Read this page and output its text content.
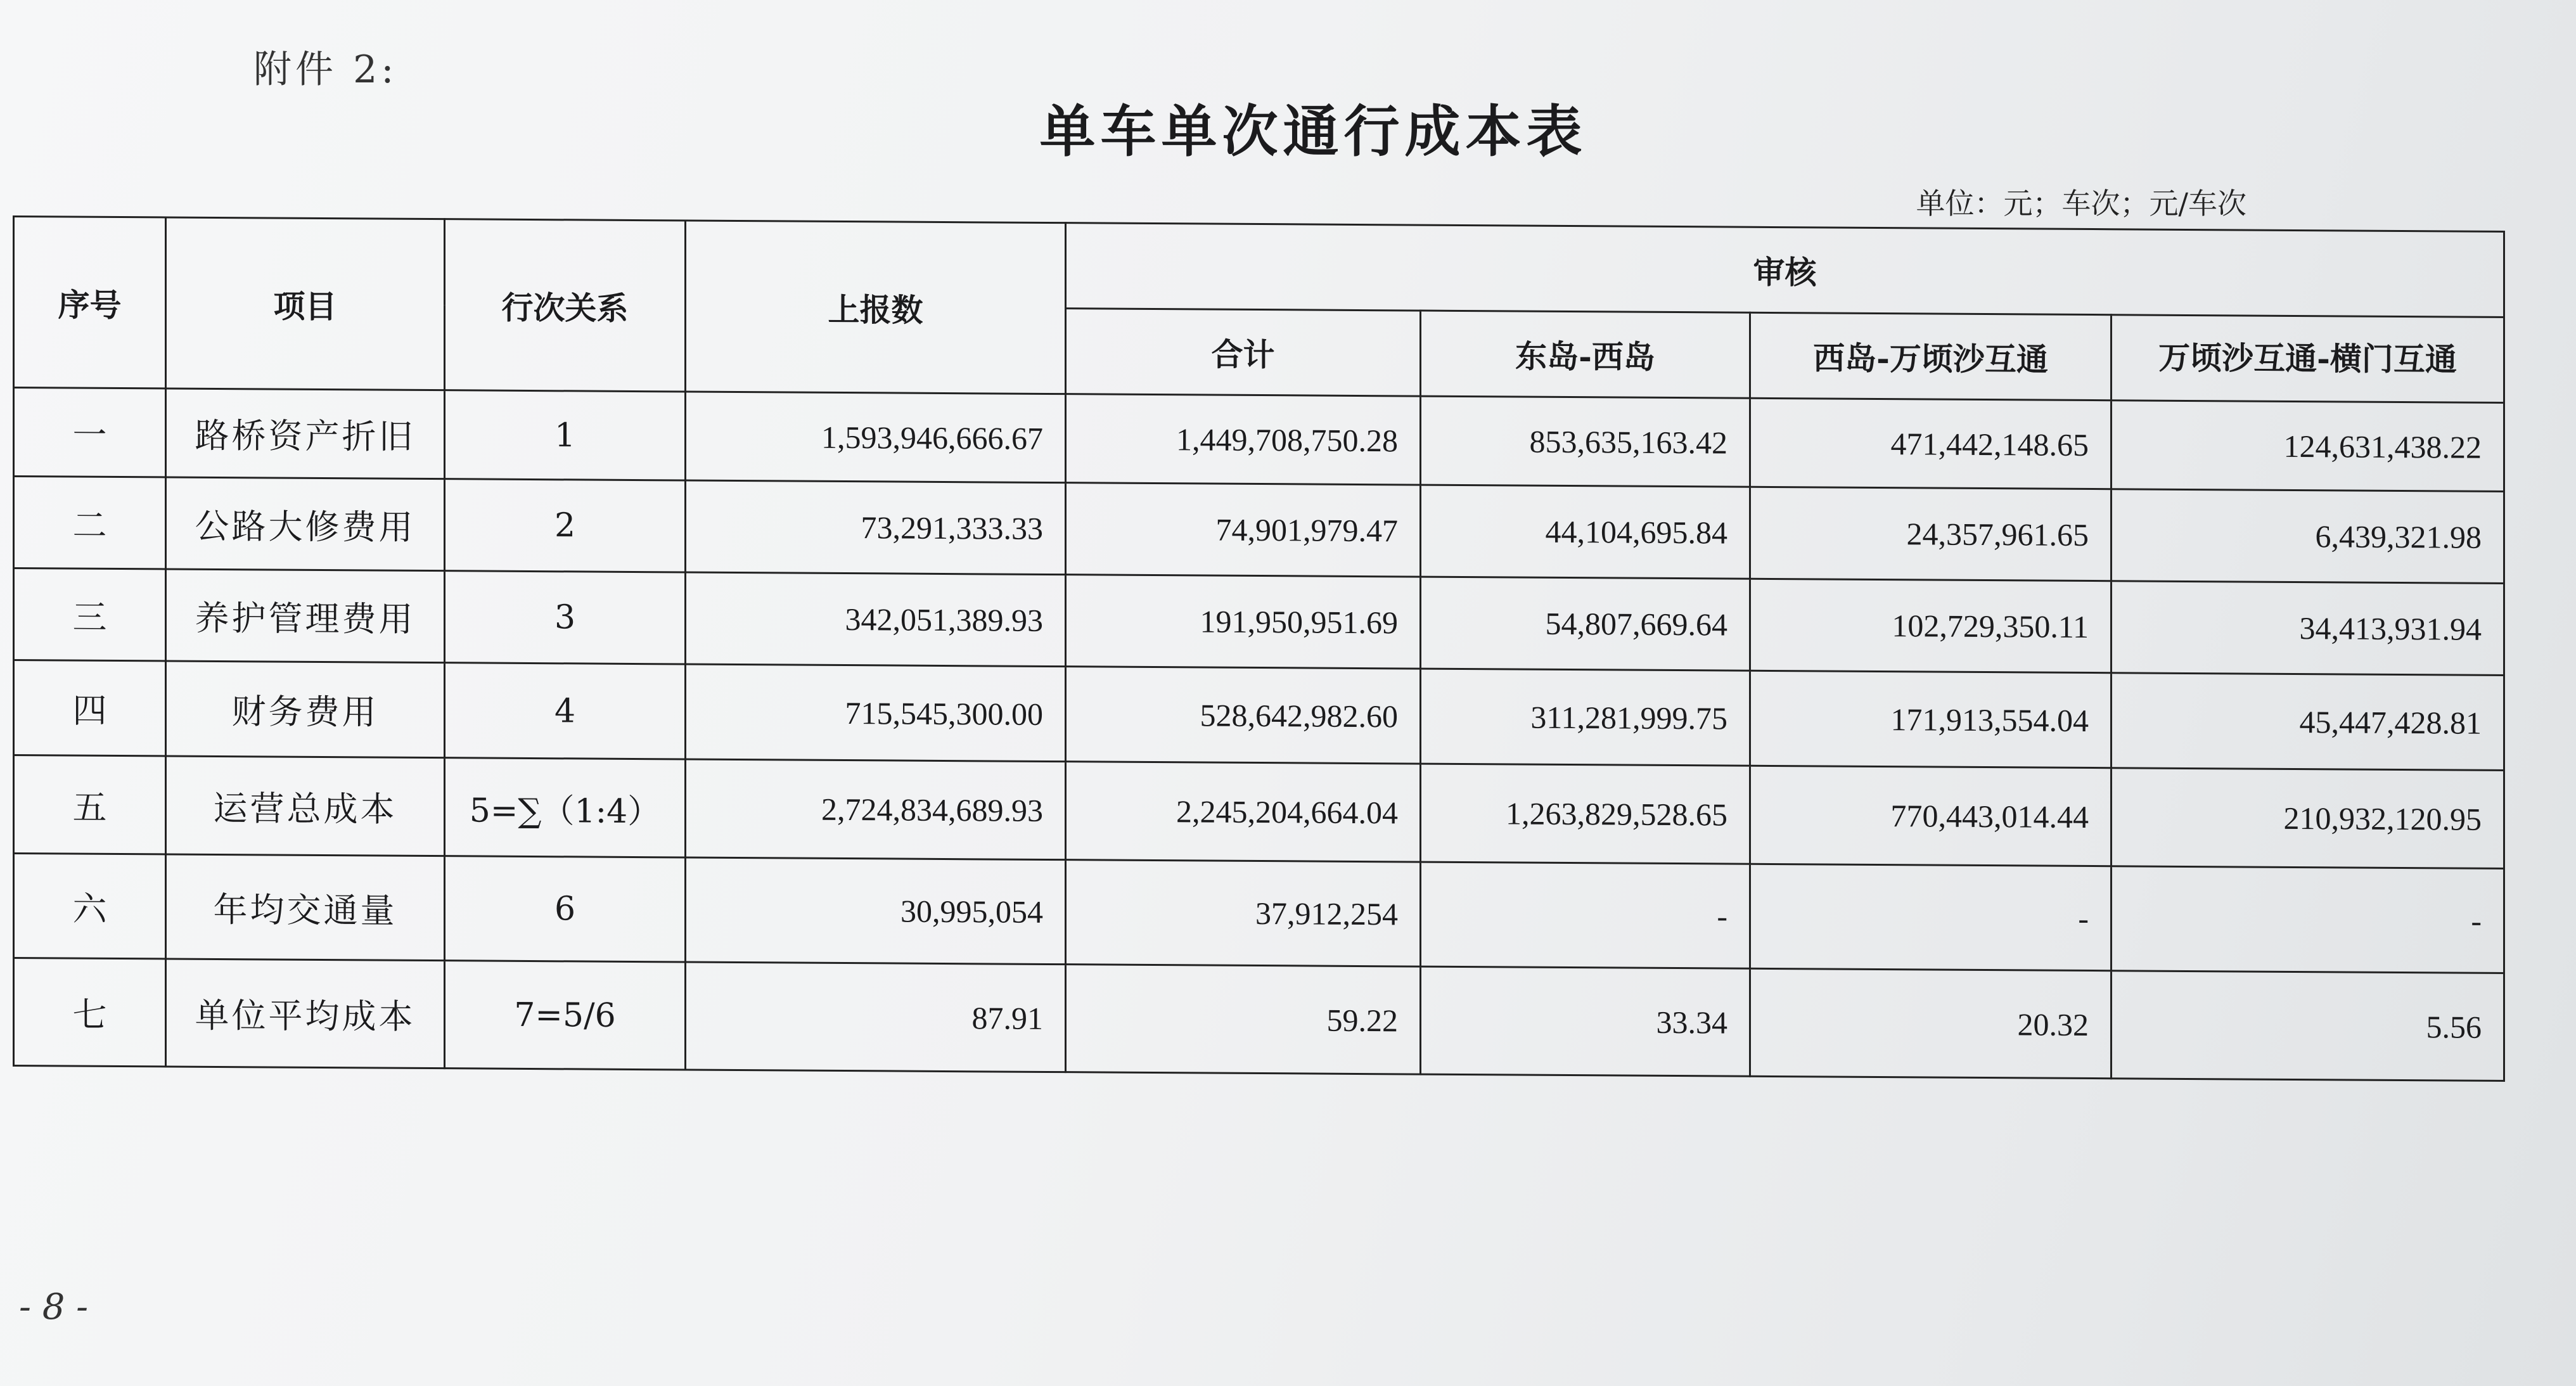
附件 2:
单车单次通行成本表
单位：元；车次；元/车次
序号	项目	行次关系	上报数	审核			
				合计	东岛-西岛	西岛-万顷沙互通	万顷沙互通-横门互通
一	路桥资产折旧	1	1,593,946,666.67	1,449,708,750.28	853,635,163.42	471,442,148.65	124,631,438.22
二	公路大修费用	2	73,291,333.33	74,901,979.47	44,104,695.84	24,357,961.65	6,439,321.98
三	养护管理费用	3	342,051,389.93	191,950,951.69	54,807,669.64	102,729,350.11	34,413,931.94
四	财务费用	4	715,545,300.00	528,642,982.60	311,281,999.75	171,913,554.04	45,447,428.81
五	运营总成本	5=∑（1:4）	2,724,834,689.93	2,245,204,664.04	1,263,829,528.65	770,443,014.44	210,932,120.95
六	年均交通量	6	30,995,054	37,912,254	-	-	-
七	单位平均成本	7=5/6	87.91	59.22	33.34	20.32	5.56
- 8 -
